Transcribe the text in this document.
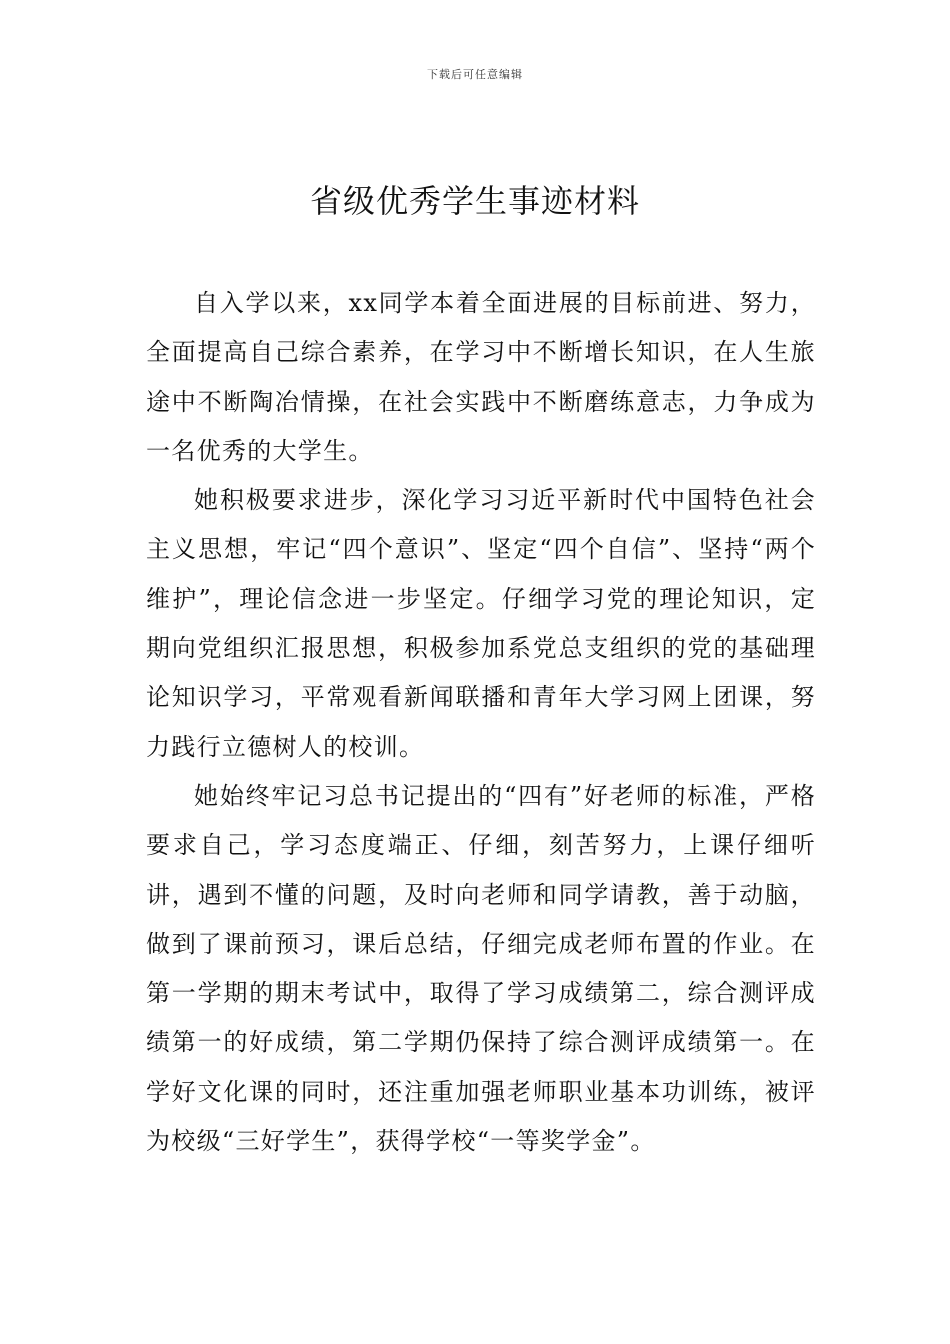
下载后可任意编辑
省级优秀学生事迹材料

自入学以来，xx同学本着全面进展的目标前进、努力，全面提高自己综合素养，在学习中不断增长知识，在人生旅途中不断陶冶情操，在社会实践中不断磨练意志，力争成为一名优秀的大学生。

她积极要求进步，深化学习习近平新时代中国特色社会主义思想，牢记“四个意识”、坚定“四个自信”、坚持“两个维护”，理论信念进一步坚定。仔细学习党的理论知识，定期向党组织汇报思想，积极参加系党总支组织的党的基础理论知识学习，平常观看新闻联播和青年大学习网上团课，努力践行立德树人的校训。

她始终牢记习总书记提出的“四有”好老师的标准，严格要求自己，学习态度端正、仔细，刻苦努力，上课仔细听讲，遇到不懂的问题，及时向老师和同学请教，善于动脑，做到了课前预习，课后总结，仔细完成老师布置的作业。在第一学期的期末考试中，取得了学习成绩第二，综合测评成绩第一的好成绩，第二学期仍保持了综合测评成绩第一。在学好文化课的同时，还注重加强老师职业基本功训练，被评为校级“三好学生”，获得学校“一等奖学金”。
